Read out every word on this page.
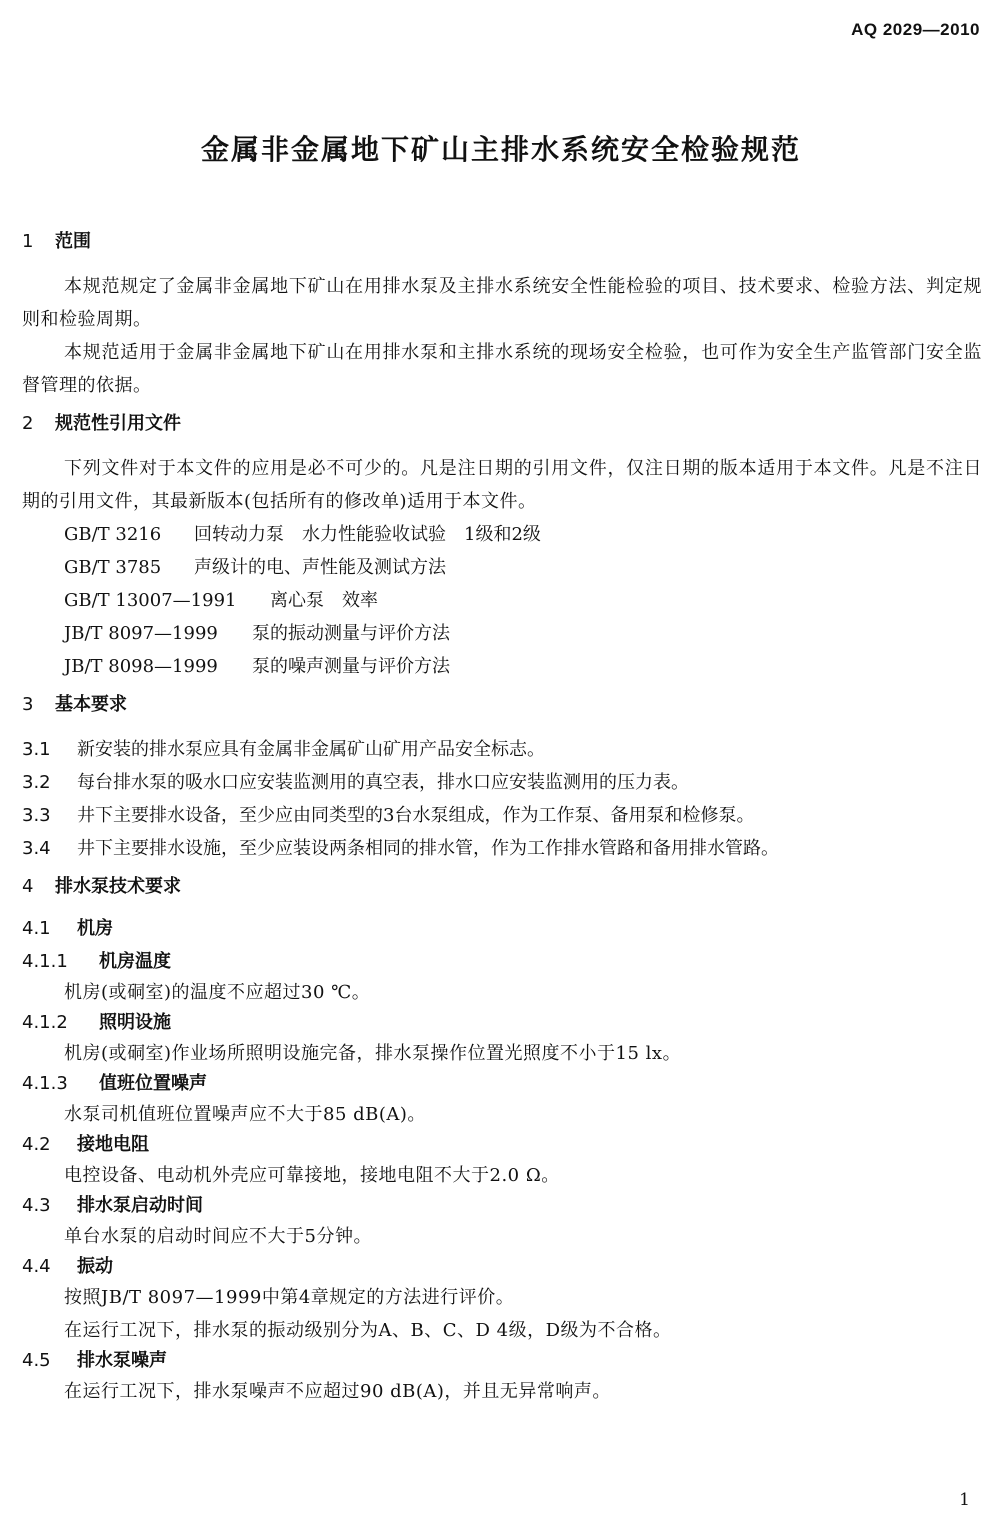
AQ 2029—2010
金属非金属地下矿山主排水系统安全检验规范
1	范围
本规范规定了金属非金属地下矿山在用排水泵及主排水系统安全性能检验的项目、技术要求、检验方法、判定规则和检验周期。
本规范适用于金属非金属地下矿山在用排水泵和主排水系统的现场安全检验，也可作为安全生产监管部门安全监督管理的依据。
2	规范性引用文件
下列文件对于本文件的应用是必不可少的。凡是注日期的引用文件，仅注日期的版本适用于本文件。凡是不注日期的引用文件，其最新版本(包括所有的修改单)适用于本文件。
GB/T 3216	回转动力泵　水力性能验收试验　1级和2级
GB/T 3785	声级计的电、声性能及测试方法
GB/T 13007—1991	离心泵　效率
JB/T 8097—1999	泵的振动测量与评价方法
JB/T 8098—1999	泵的噪声测量与评价方法
3	基本要求
3.1	新安装的排水泵应具有金属非金属矿山矿用产品安全标志。
3.2	每台排水泵的吸水口应安装监测用的真空表，排水口应安装监测用的压力表。
3.3	井下主要排水设备，至少应由同类型的3台水泵组成，作为工作泵、备用泵和检修泵。
3.4	井下主要排水设施，至少应装设两条相同的排水管，作为工作排水管路和备用排水管路。
4	排水泵技术要求
4.1	机房
4.1.1	机房温度
机房(或硐室)的温度不应超过30 ℃。
4.1.2	照明设施
机房(或硐室)作业场所照明设施完备，排水泵操作位置光照度不小于15 lx。
4.1.3	值班位置噪声
水泵司机值班位置噪声应不大于85 dB(A)。
4.2	接地电阻
电控设备、电动机外壳应可靠接地，接地电阻不大于2.0 Ω。
4.3	排水泵启动时间
单台水泵的启动时间应不大于5分钟。
4.4	振动
按照JB/T 8097—1999中第4章规定的方法进行评价。
在运行工况下，排水泵的振动级别分为A、B、C、D 4级，D级为不合格。
4.5	排水泵噪声
在运行工况下，排水泵噪声不应超过90 dB(A)，并且无异常响声。
1
